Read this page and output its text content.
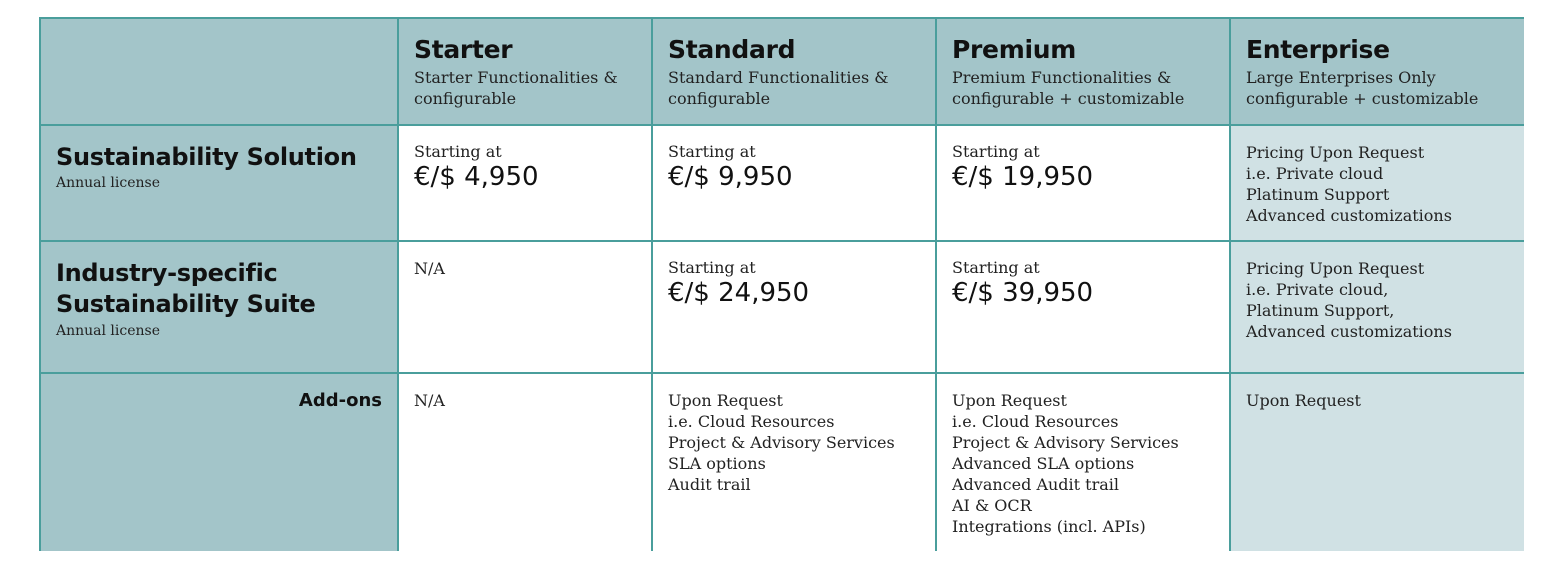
Starter
Starter Functionalities &
configurable
Standard
Standard Functionalities &
configurable
Premium
Premium Functionalities &
configurable + customizable
Enterprise
Large Enterprises Only
configurable + customizable
Sustainability Solution
Annual license
Starting at
€/$ 4,950
Starting at
€/$ 9,950
Starting at
€/$ 19,950
Pricing Upon Request
i.e. Private cloud
Platinum Support
Advanced customizations
Industry-specific
Sustainability Suite
Annual license
N/A	Starting at
€/$ 24,950
Starting at
€/$ 39,950
Pricing Upon Request
i.e. Private cloud,
Platinum Support,
Advanced customizations
Add-ons N/A	Upon Request
i.e. Cloud Resources
Project & Advisory Services
SLA options
Audit trail
Upon Request
i.e. Cloud Resources
Project & Advisory Services
Advanced SLA options
Advanced Audit trail
AI & OCR
Integrations (incl. APIs)
Upon Request
